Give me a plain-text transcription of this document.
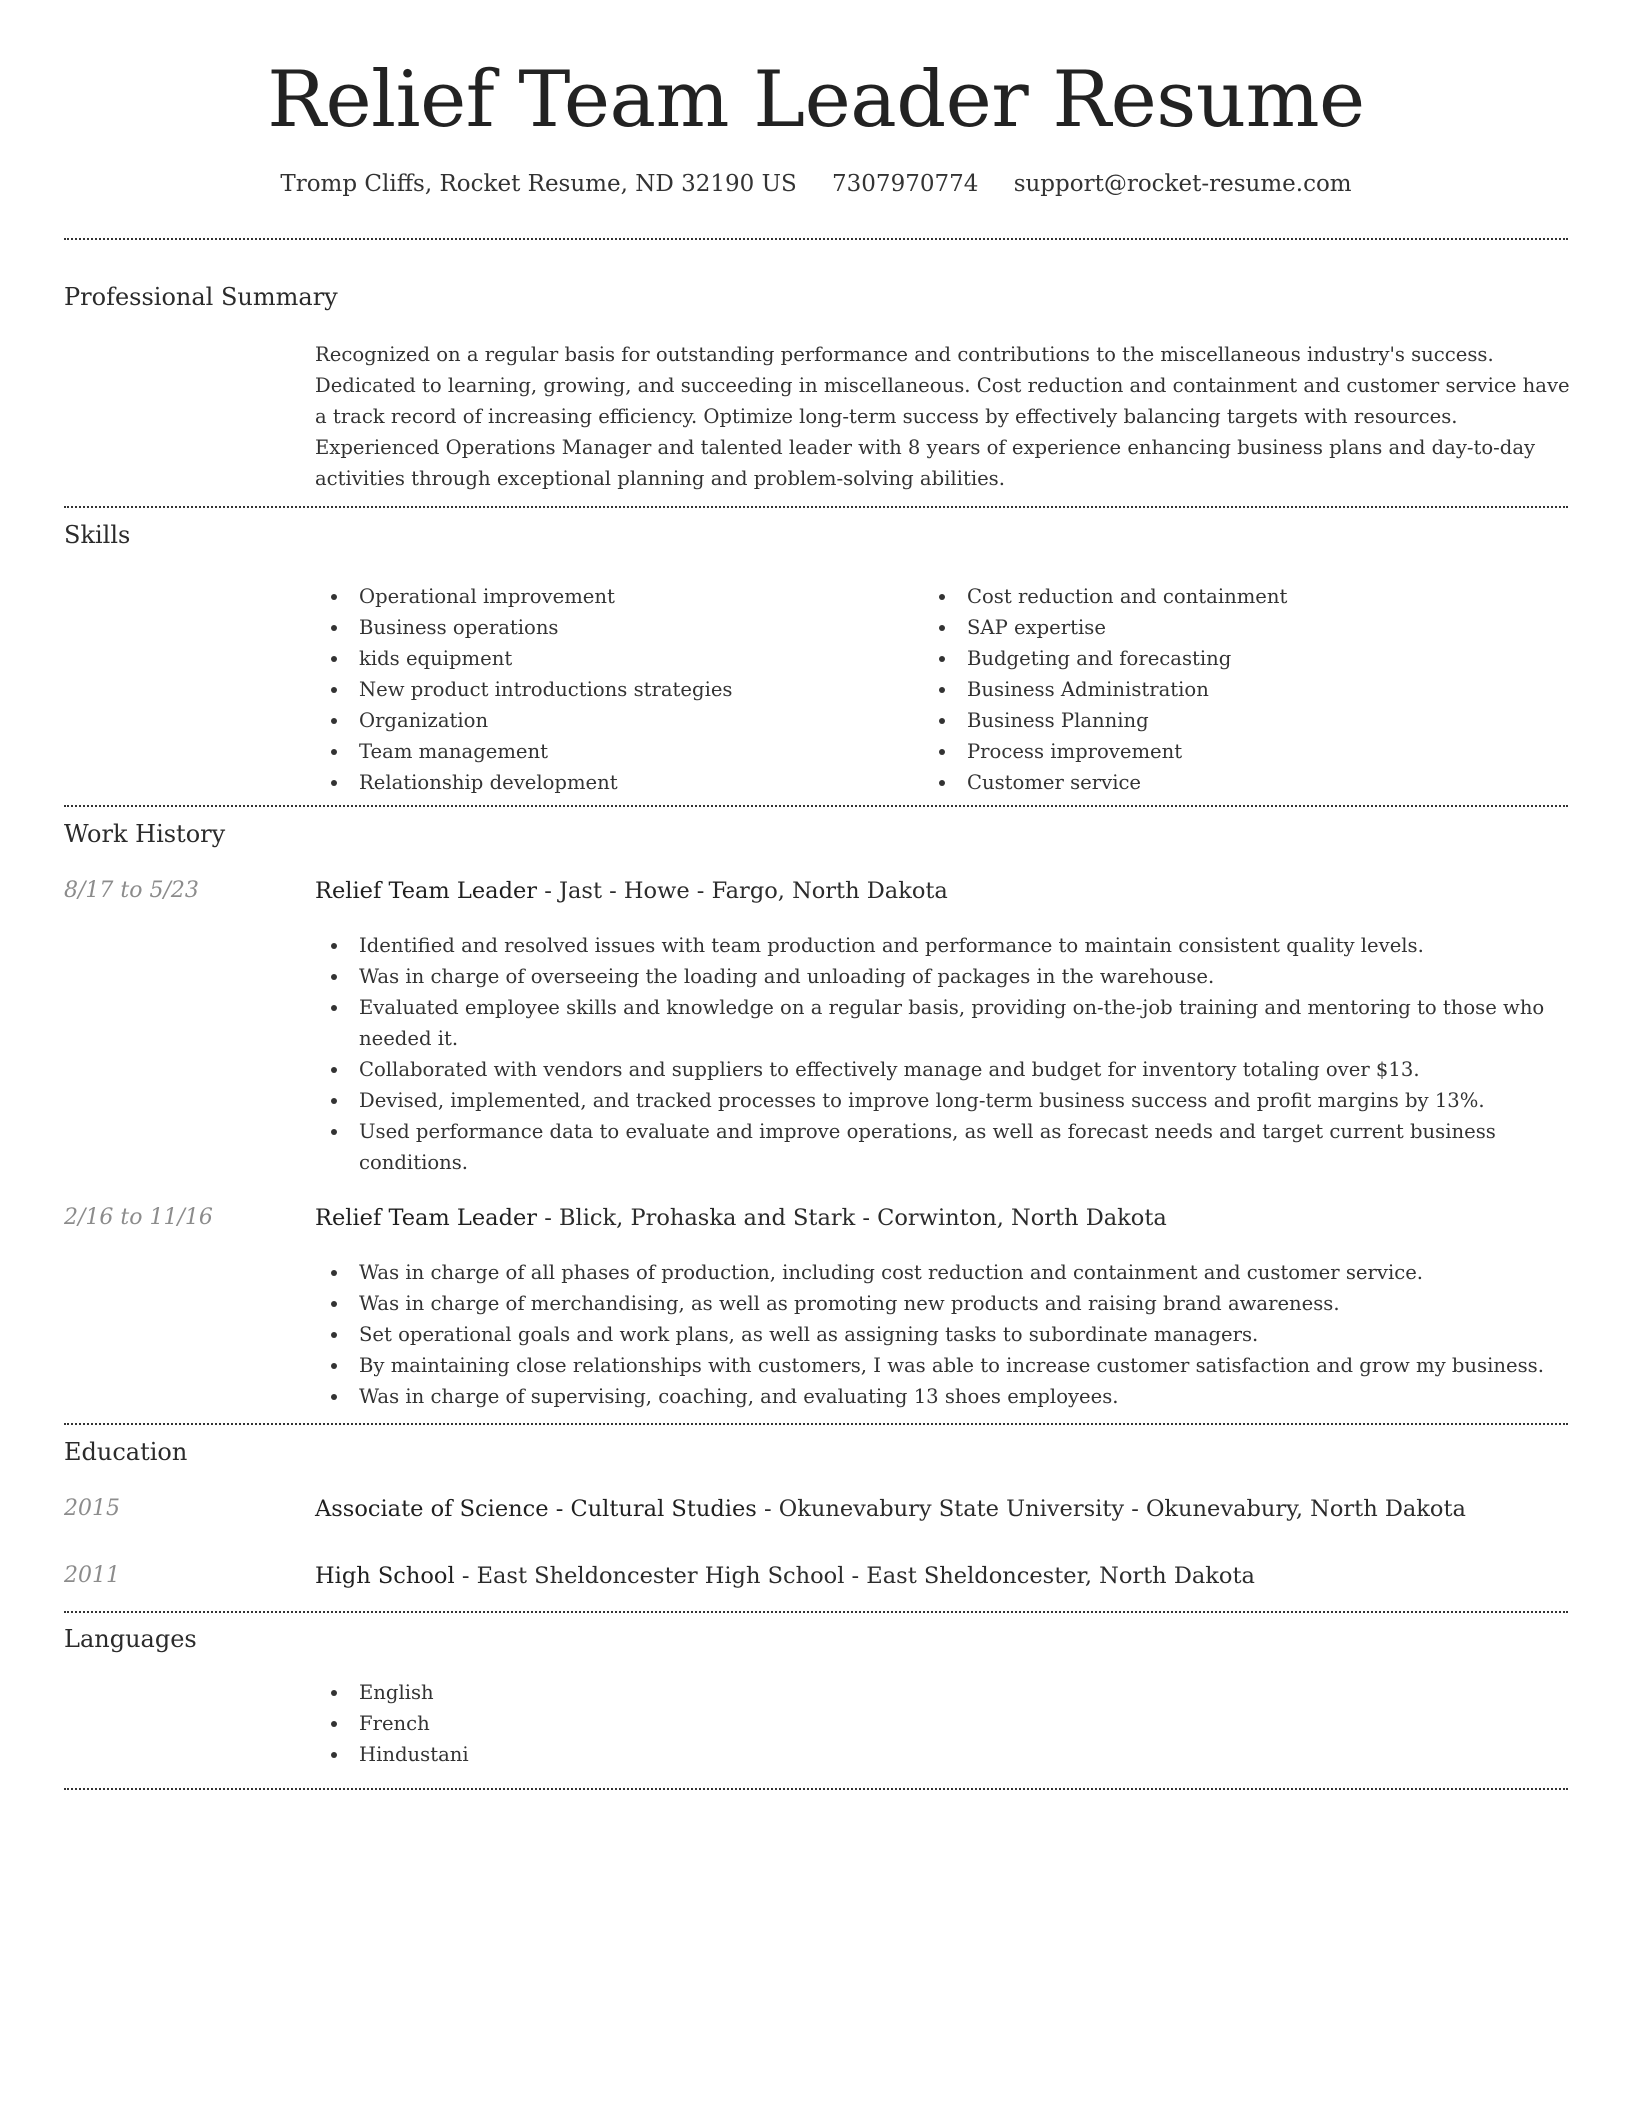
Relief Team Leader Resume
Tromp Cliffs, Rocket Resume, ND 32190 US 7307970774 support@rocket-resume.com
Professional Summary
Recognized on a regular basis for outstanding performance and contributions to the miscellaneous industry's success. Dedicated to learning, growing, and succeeding in miscellaneous. Cost reduction and containment and customer service have a track record of increasing efficiency. Optimize long-term success by effectively balancing targets with resources. Experienced Operations Manager and talented leader with 8 years of experience enhancing business plans and day-to-day activities through exceptional planning and problem-solving abilities.
Skills
Operational improvement
Business operations
kids equipment
New product introductions strategies
Organization
Team management
Relationship development
Cost reduction and containment
SAP expertise
Budgeting and forecasting
Business Administration
Business Planning
Process improvement
Customer service
Work History
8/17 to 5/23	Relief Team Leader - Jast - Howe - Fargo, North Dakota
Identified and resolved issues with team production and performance to maintain consistent quality levels.
Was in charge of overseeing the loading and unloading of packages in the warehouse.
Evaluated employee skills and knowledge on a regular basis, providing on-the-job training and mentoring to those who needed it.
Collaborated with vendors and suppliers to effectively manage and budget for inventory totaling over $13.
Devised, implemented, and tracked processes to improve long-term business success and profit margins by 13%.
Used performance data to evaluate and improve operations, as well as forecast needs and target current business conditions.
2/16 to 11/16	Relief Team Leader - Blick, Prohaska and Stark - Corwinton, North Dakota
Was in charge of all phases of production, including cost reduction and containment and customer service.
Was in charge of merchandising, as well as promoting new products and raising brand awareness.
Set operational goals and work plans, as well as assigning tasks to subordinate managers.
By maintaining close relationships with customers, I was able to increase customer satisfaction and grow my business.
Was in charge of supervising, coaching, and evaluating 13 shoes employees.
Education
2015	Associate of Science - Cultural Studies - Okunevabury State University - Okunevabury, North Dakota
2011	High School - East Sheldoncester High School - East Sheldoncester, North Dakota
Languages
English
French
Hindustani
